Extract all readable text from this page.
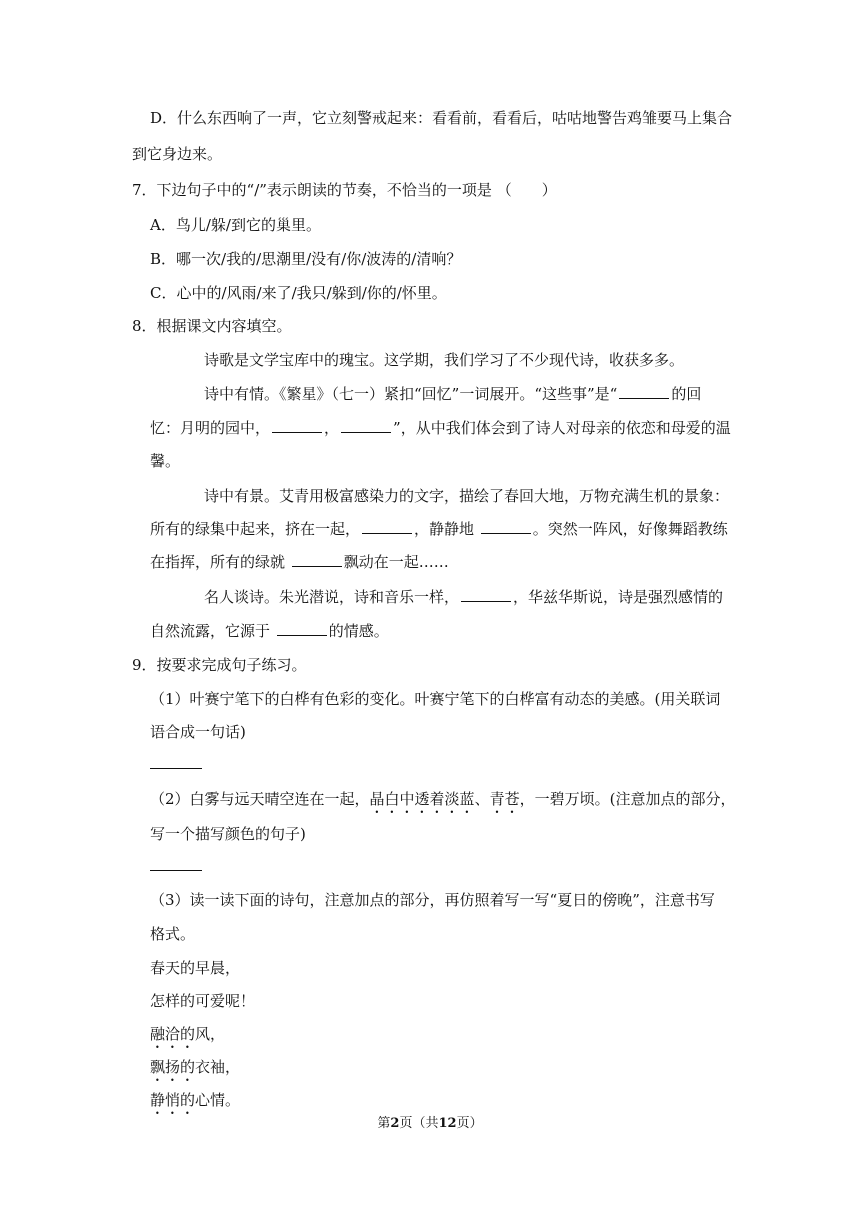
D．什么东西响了一声，它立刻警戒起来：看看前，看看后，咕咕地警告鸡雏要马上集合
到它身边来。
7．下边句子中的“/”表示朗读的节奏，不恰当的一项是 （　　）
A．鸟儿/躲/到它的巢里。
B．哪一次/我的/思潮里/没有/你/波涛的/清响？
C．心中的/风雨/来了/我只/躲到/你的/怀里。
8．根据课文内容填空。
诗歌是文学宝库中的瑰宝。这学期，我们学习了不少现代诗，收获多多。
诗中有情。《繁星》（七一）紧扣“回忆”一词展开。“这些事”是“	的回
忆：月明的园中，	，	”，从中我们体会到了诗人对母亲的依恋和母爱的温
馨。
诗中有景。艾青用极富感染力的文字，描绘了春回大地，万物充满生机的景象：
所有的绿集中起来，挤在一起，	，静静地	。突然一阵风，好像舞蹈教练
在指挥，所有的绿就	飘动在一起……
名人谈诗。朱光潜说，诗和音乐一样，	，华兹华斯说，诗是强烈感情的
自然流露，它源于	的情感。
9．按要求完成句子练习。
（1）叶赛宁笔下的白桦有色彩的变化。叶赛宁笔下的白桦富有动态的美感。(用关联词
语合成一句话)
（2）白雾与远天晴空连在一起，晶白中透着淡蓝、青苍，一碧万顷。(注意加点的部分，
写一个描写颜色的句子)
（3）读一读下面的诗句，注意加点的部分，再仿照着写一写“夏日的傍晚”，注意书写
格式。
春天的早晨，
怎样的可爱呢！
融洽的风，
飘扬的衣袖，
静悄的心情。
第2页（共12页）
